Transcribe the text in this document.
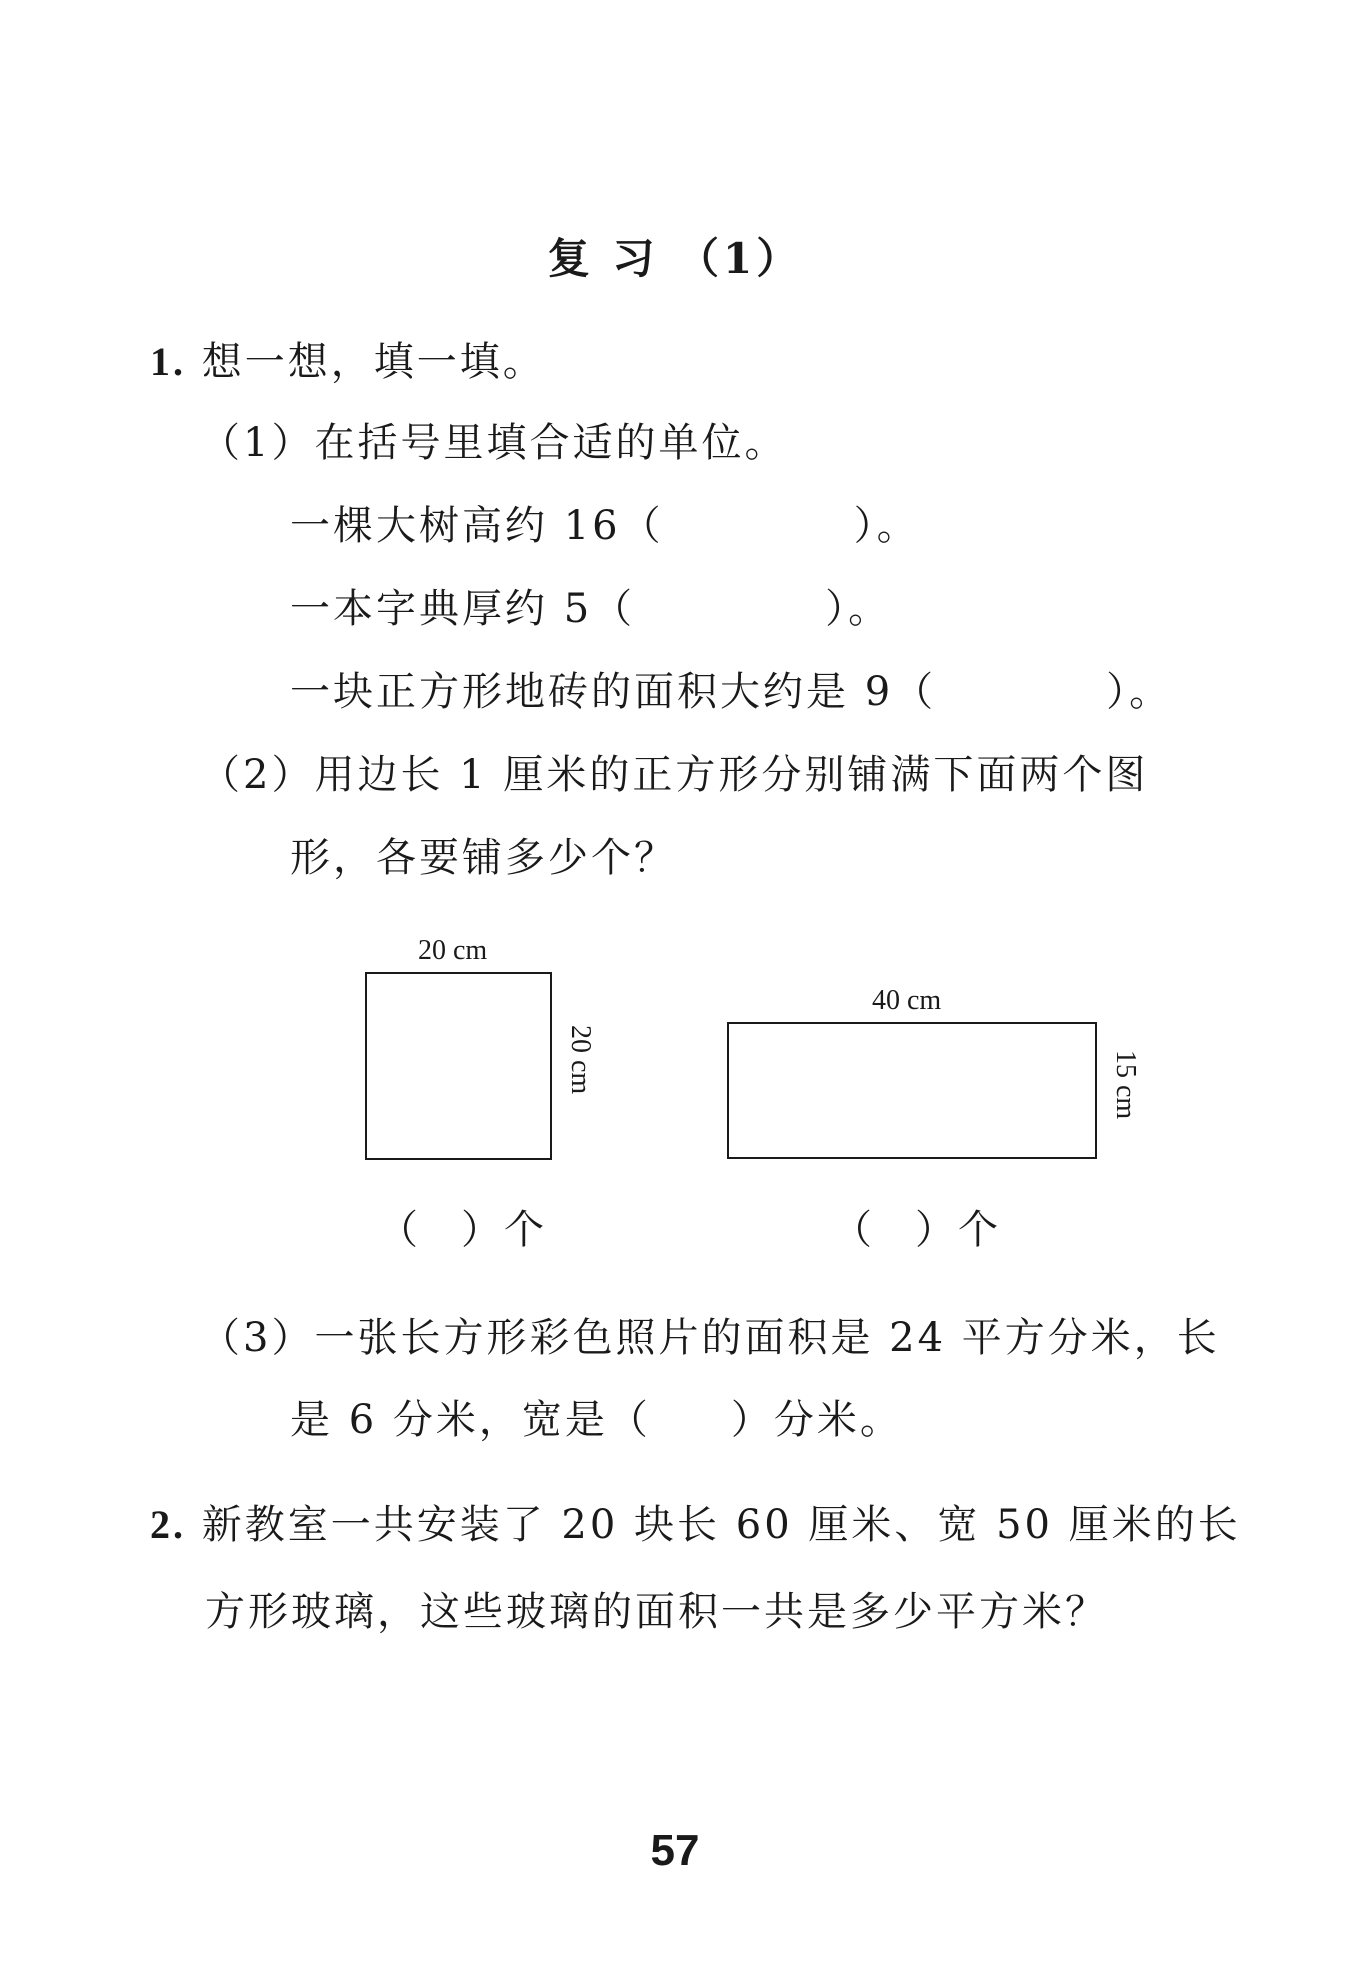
复 习 （1）
1. 想一想，填一填。
（1）在括号里填合适的单位。
一棵大树高约 16（	）。
一本字典厚约 5（	）。
一块正方形地砖的面积大约是 9（	）。
（2）用边长 1 厘米的正方形分别铺满下面两个图
形，各要铺多少个？
20 cm
20 cm
40 cm
15 cm
（ ）个	（ ）个
（3）一张长方形彩色照片的面积是 24 平方分米，长
是 6 分米，宽是（ ）分米。
2. 新教室一共安装了 20 块长 60 厘米、宽 50 厘米的长
方形玻璃，这些玻璃的面积一共是多少平方米？
57
